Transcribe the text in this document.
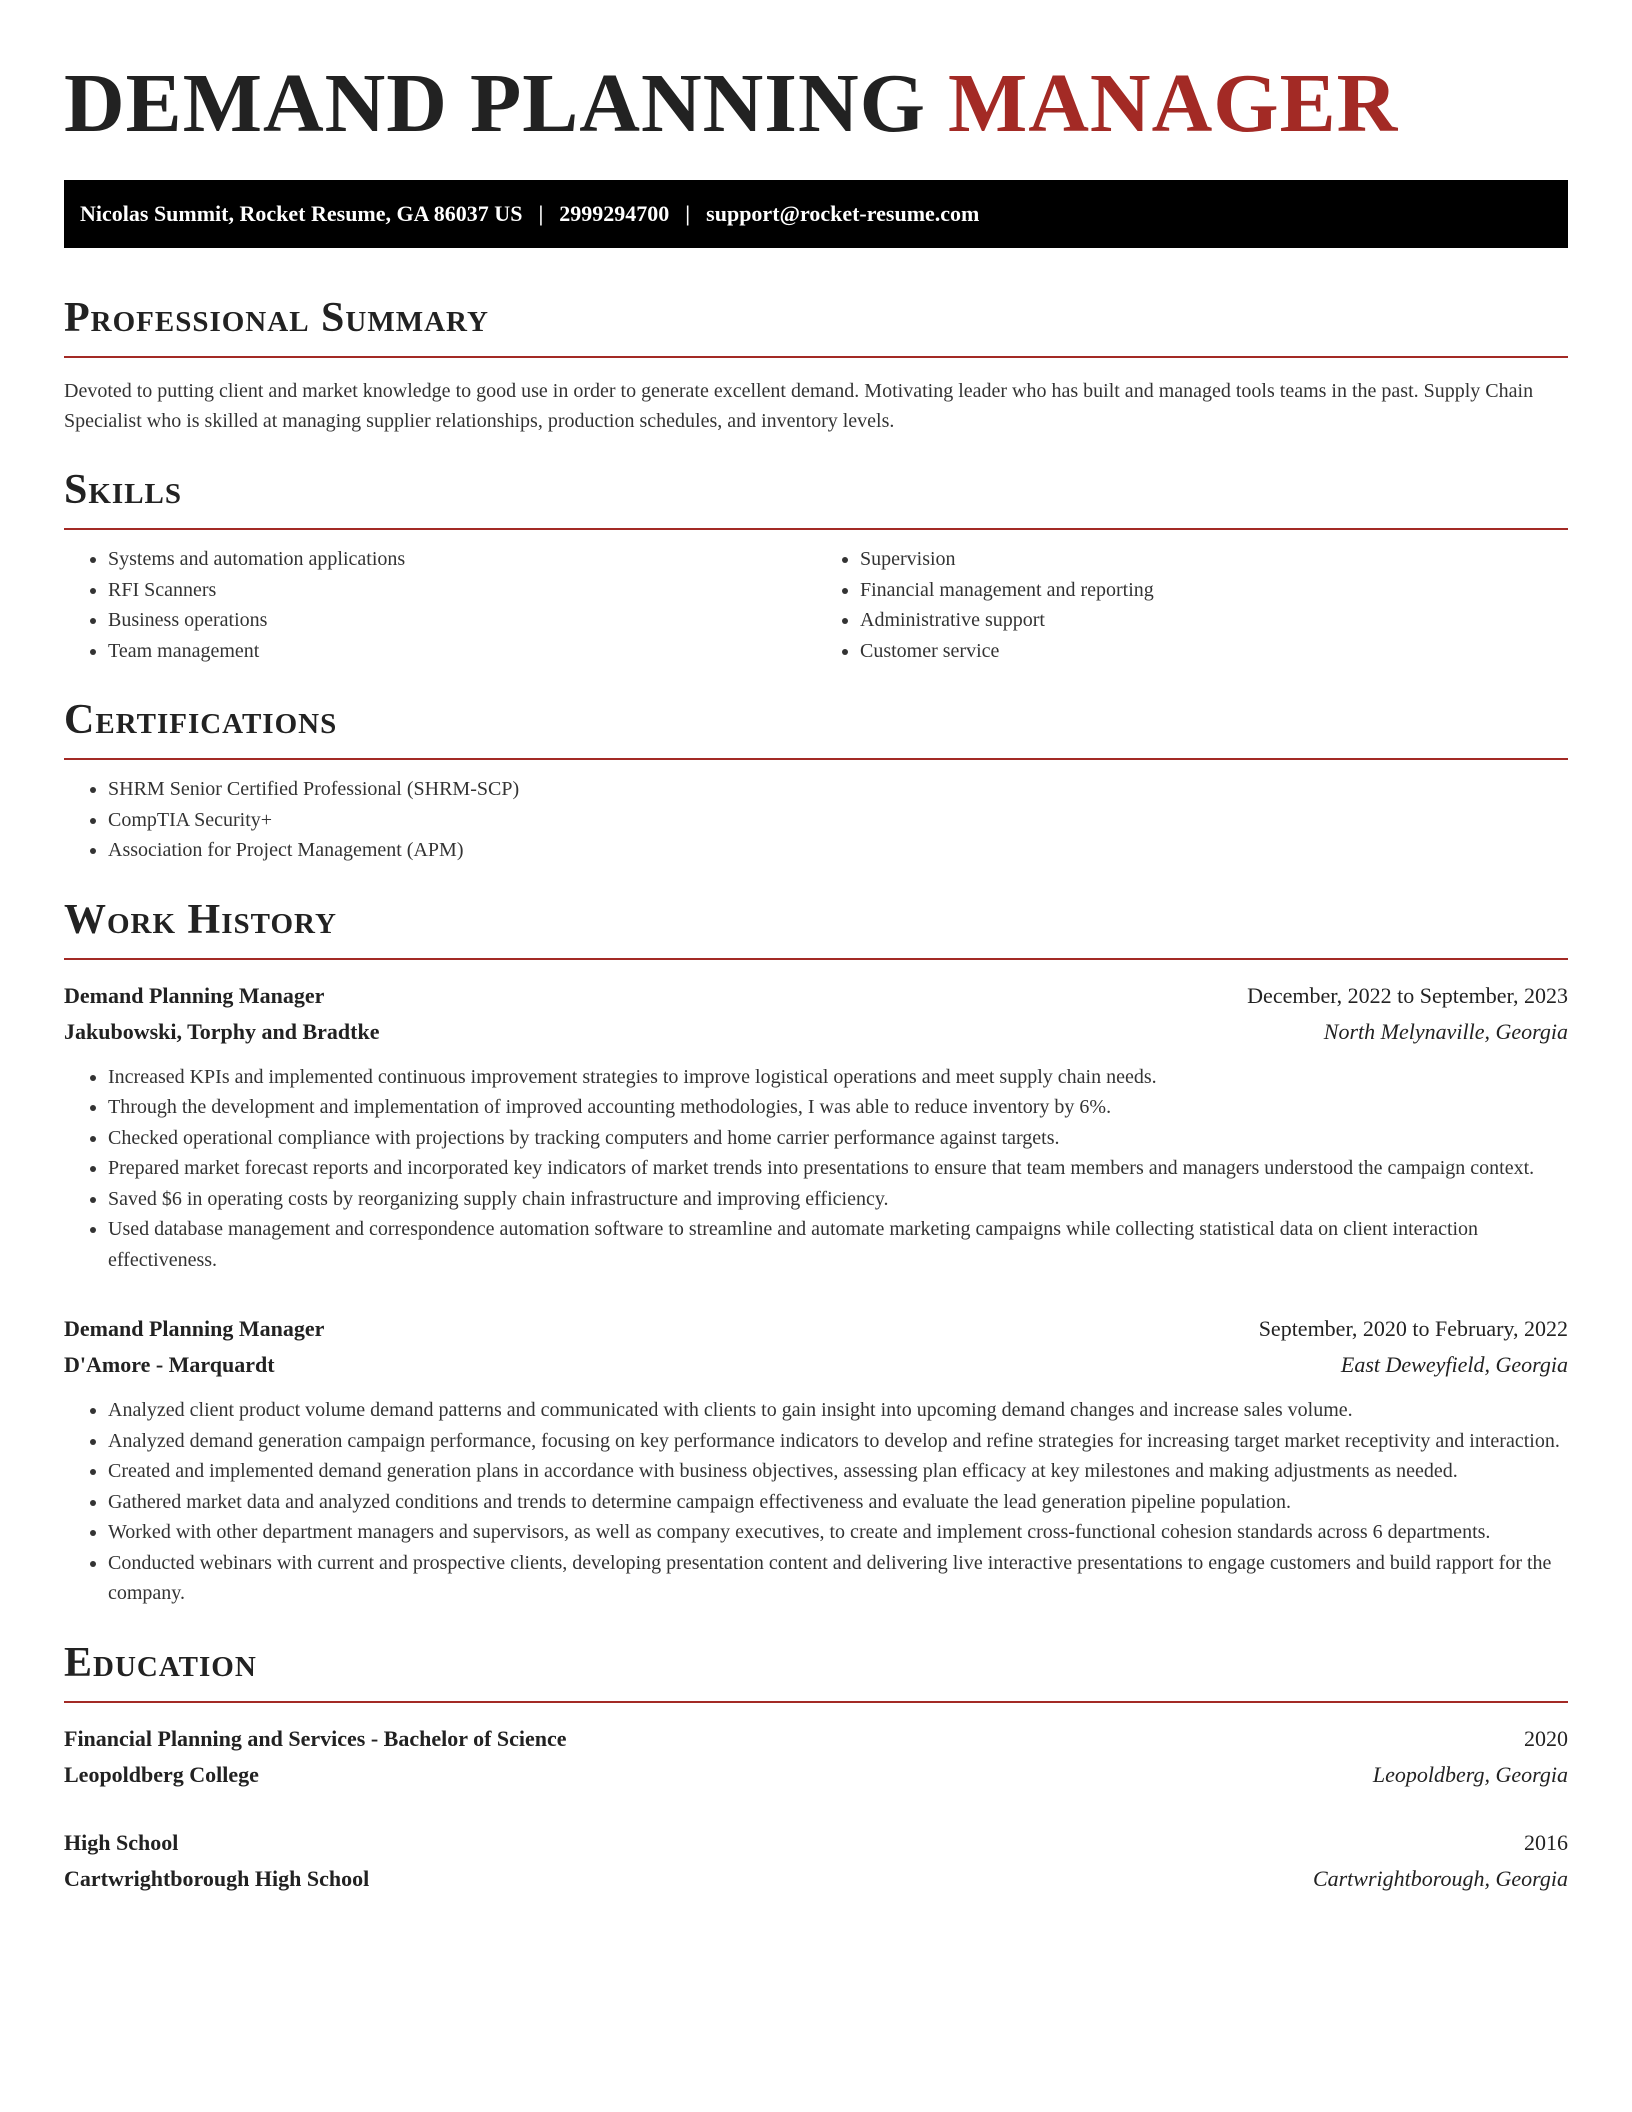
DEMAND PLANNING MANAGER
Nicolas Summit, Rocket Resume, GA 86037 US | 2999294700 | support@rocket-resume.com
Professional Summary

Devoted to putting client and market knowledge to good use in order to generate excellent demand. Motivating leader who has built and managed tools teams in the past. Supply Chain Specialist who is skilled at managing supplier relationships, production schedules, and inventory levels.

Skills
• Systems and automation applications
• RFI Scanners
• Business operations
• Team management
• Supervision
• Financial management and reporting
• Administrative support
• Customer service
Certifications
• SHRM Senior Certified Professional (SHRM-SCP)
• CompTIA Security+
• Association for Project Management (APM)
Work History
Demand Planning Manager	December, 2022 to September, 2023
Jakubowski, Torphy and Bradtke	North Melynaville, Georgia
• Increased KPIs and implemented continuous improvement strategies to improve logistical operations and meet supply chain needs.
• Through the development and implementation of improved accounting methodologies, I was able to reduce inventory by 6%.
• Checked operational compliance with projections by tracking computers and home carrier performance against targets.
• Prepared market forecast reports and incorporated key indicators of market trends into presentations to ensure that team members and managers understood the campaign context.
• Saved $6 in operating costs by reorganizing supply chain infrastructure and improving efficiency.
• Used database management and correspondence automation software to streamline and automate marketing campaigns while collecting statistical data on client interaction effectiveness.
Demand Planning Manager	September, 2020 to February, 2022
D'Amore - Marquardt	East Deweyfield, Georgia
• Analyzed client product volume demand patterns and communicated with clients to gain insight into upcoming demand changes and increase sales volume.
• Analyzed demand generation campaign performance, focusing on key performance indicators to develop and refine strategies for increasing target market receptivity and interaction.
• Created and implemented demand generation plans in accordance with business objectives, assessing plan efficacy at key milestones and making adjustments as needed.
• Gathered market data and analyzed conditions and trends to determine campaign effectiveness and evaluate the lead generation pipeline population.
• Worked with other department managers and supervisors, as well as company executives, to create and implement cross-functional cohesion standards across 6 departments.
• Conducted webinars with current and prospective clients, developing presentation content and delivering live interactive presentations to engage customers and build rapport for the company.
Education
Financial Planning and Services - Bachelor of Science	2020
Leopoldberg College	Leopoldberg, Georgia
High School	2016
Cartwrightborough High School	Cartwrightborough, Georgia
